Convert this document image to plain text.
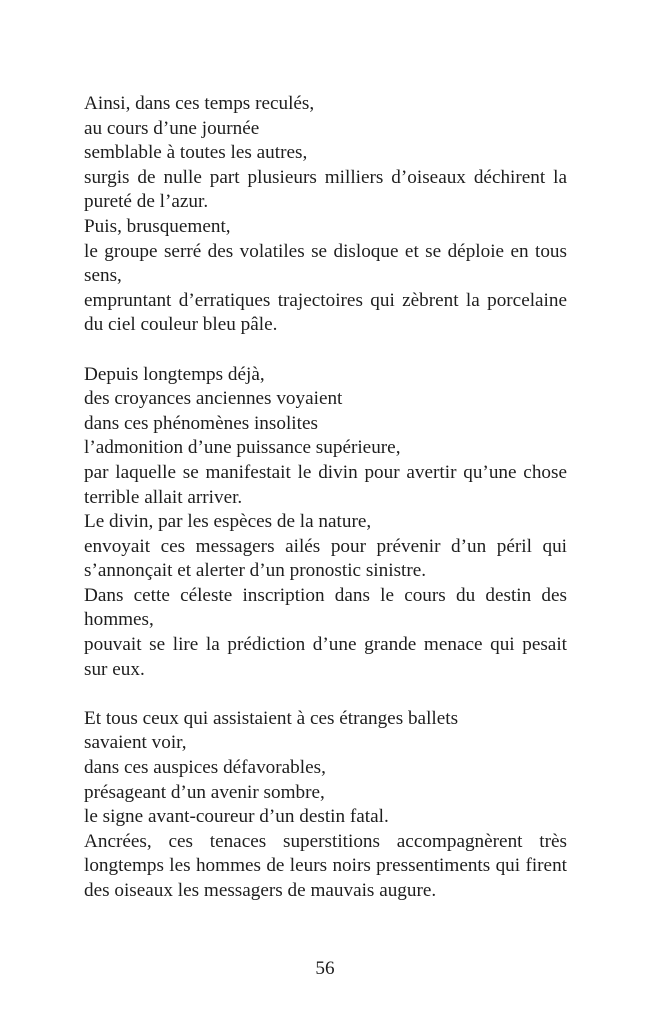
Ainsi, dans ces temps reculés,
au cours d’une journée
semblable à toutes les autres,
surgis de nulle part plusieurs milliers d’oiseaux déchirent la pureté de l’azur.
Puis, brusquement,
le groupe serré des volatiles se disloque et se déploie en tous sens,
empruntant d’erratiques trajectoires qui zèbrent la porcelaine du ciel couleur bleu pâle.
Depuis longtemps déjà,
des croyances anciennes voyaient
dans ces phénomènes insolites
l’admonition d’une puissance supérieure,
par laquelle se manifestait le divin pour avertir qu’une chose terrible allait arriver.
Le divin, par les espèces de la nature,
envoyait ces messagers ailés pour prévenir d’un péril qui s’annonçait et alerter d’un pronostic sinistre.
Dans cette céleste inscription dans le cours du destin des hommes,
pouvait se lire la prédiction d’une grande menace qui pesait sur eux.
Et tous ceux qui assistaient à ces étranges ballets
savaient voir,
dans ces auspices défavorables,
présageant d’un avenir sombre,
le signe avant-coureur d’un destin fatal.
Ancrées, ces tenaces superstitions accompagnèrent très longtemps les hommes de leurs noirs pressentiments qui firent des oiseaux les messagers de mauvais augure.
56
